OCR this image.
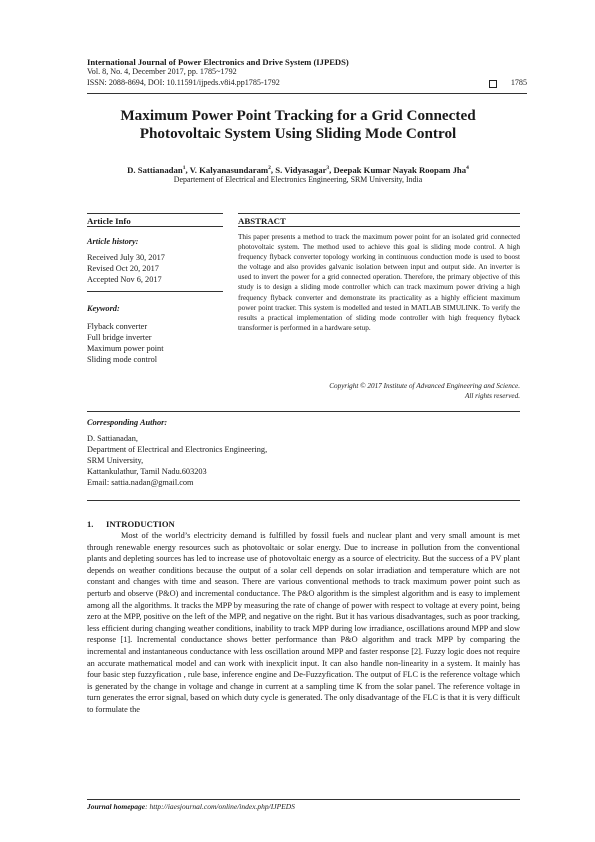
International Journal of Power Electronics and Drive System (IJPEDS)
Vol. 8, No. 4, December 2017, pp. 1785~1792
ISSN: 2088-8694, DOI: 10.11591/ijpeds.v8i4.pp1785-1792	1785
Maximum Power Point Tracking for a Grid Connected
Photovoltaic System Using Sliding Mode Control
D. Sattianadan$^1$, V. Kalyanasundaram$^2$, S. Vidyasagar$^3$, Deepak Kumar Nayak Roopam Jha$^4$
Departement of Electrical and Electronics Engineering, SRM University, India
Article Info
Article history:
Received July 30, 2017
Revised Oct 20, 2017
Accepted Nov 6, 2017
Keyword:
Flyback converter
Full bridge inverter
Maximum power point
Sliding mode control
ABSTRACT
This paper presents a method to track the maximum power point for an isolated grid connected photovoltaic system. The method used to achieve this goal is sliding mode control. A high frequency flyback converter topology working in continuous conduction mode is used to boost the voltage and also provides galvanic isolation between input and output side. An inverter is used to invert the power for a grid connected operation. Therefore, the primary objective of this study is to design a sliding mode controller which can track maximum power driving a high frequency flyback converter and demonstrate its practicality as a highly efficient maximum power point tracker. This system is modelled and tested in MATLAB SIMULINK. To verify the results a practical implementation of sliding mode controller with high frequency flyback transformer is performed in a hardware setup.
Copyright © 2017 Institute of Advanced Engineering and Science.
All rights reserved.
Corresponding Author:
D. Sattianadan,
Department of Electrical and Electronics Engineering,
SRM University,
Kattankulathur, Tamil Nadu.603203
Email: sattia.nadan@gmail.com
1. INTRODUCTION

Most of the world’s electricity demand is fulfilled by fossil fuels and nuclear plant and very small amount is met through renewable energy resources such as photovoltaic or solar energy. Due to increase in pollution from the conventional plants and depleting sources has led to increase use of photovoltaic energy as a source of electricity. But the success of a PV plant depends on weather conditions because the output of a solar cell depends on solar irradiation and temperature which are not constant and changes with time and season. There are various conventional methods to track maximum power point such as perturb and observe (P&O) and incremental conductance. The P&O algorithm is the simplest algorithm and is easy to implement among all the algorithms. It tracks the MPP by measuring the rate of change of power with respect to voltage at every point, being zero at the MPP, positive on the left of the MPP, and negative on the right. But it has various disadvantages, such as poor tracking, less efficient during changing weather conditions, inability to track MPP during low irradiance, oscillations around MPP and slow response [1]. Incremental conductance shows better performance than P&O algorithm and track MPP by comparing the incremental and instantaneous conductance with less oscillation around MPP and faster response [2]. Fuzzy logic does not require an accurate mathematical model and can work with inexplicit input. It can also handle non-linearity in a system. It mainly has four basic step fuzzyfication , rule base, inference engine and De-Fuzzyfication. The output of FLC is the reference voltage which is generated by the change in voltage and change in current at a sampling time K from the solar panel. The reference voltage in turn generates the error signal, based on which duty cycle is generated. The only disadvantage of the FLC is that it is very difficult to formulate the

Journal homepage: http://iaesjournal.com/online/index.php/IJPEDS
